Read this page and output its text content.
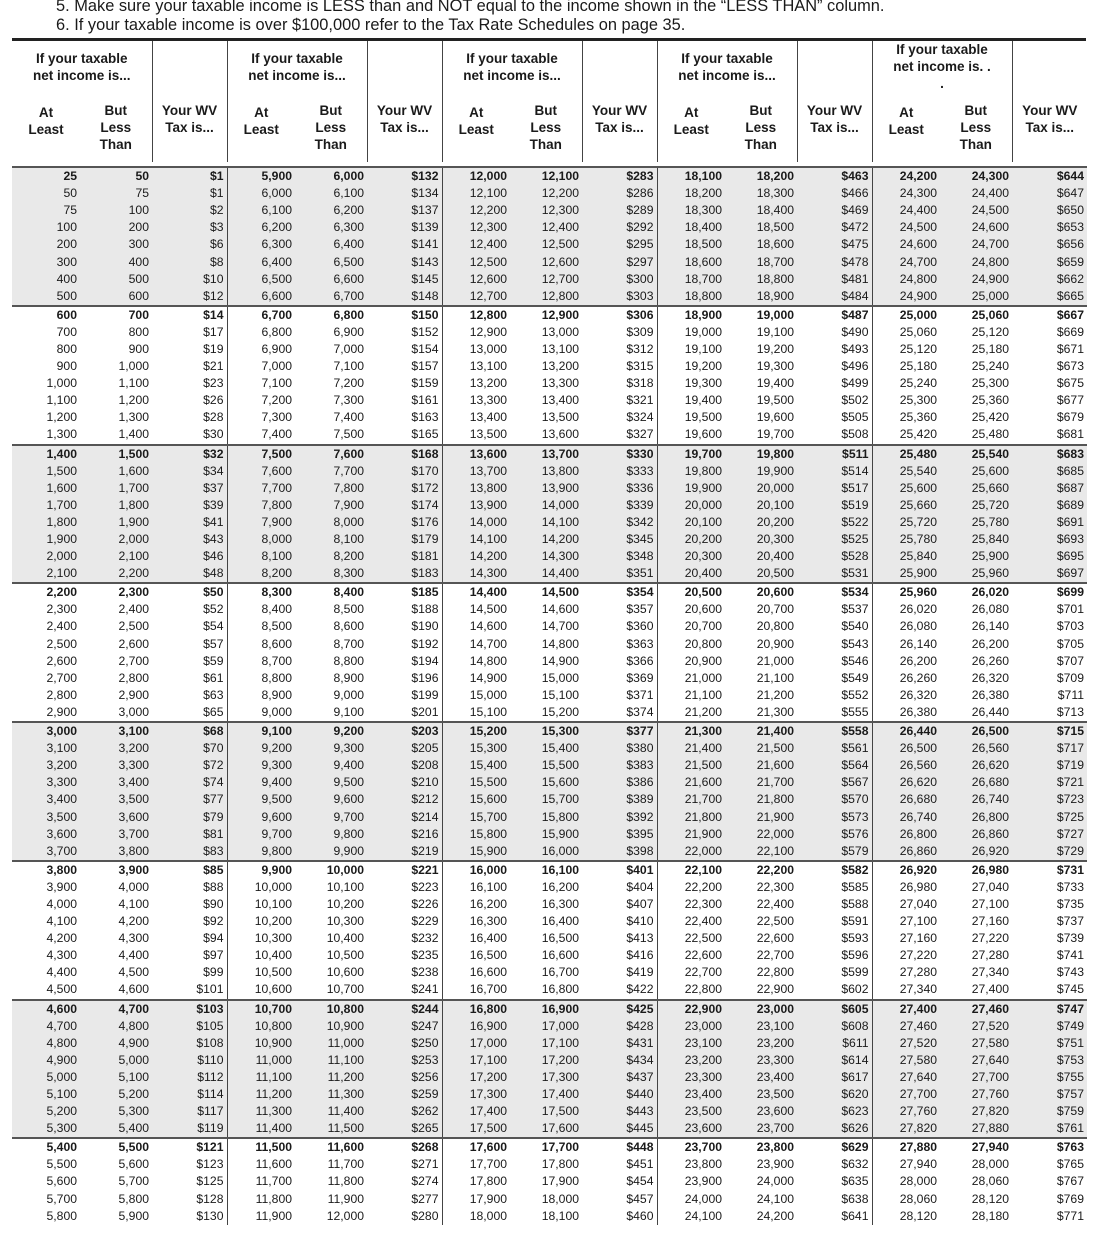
5. Make sure your taxable income is LESS than and NOT equal to the income shown in the “LESS THAN” column.
6. If your taxable income is over $100,000 refer to the Tax Rate Schedules on page 35.
If your taxable net income is...		Your WV Tax is...	If your taxable net income is...		Your WV Tax is...	If your taxable net income is...		Your WV Tax is...	If your taxable net income is...		Your WV Tax is...	If your taxable net income is. . .		Your WV Tax is...
At Least	But Less Than		At Least	But Less Than		At Least	But Less Than		At Least	But Less Than		At Least	But Less Than	

25	50	$1	5,900	6,000	$132	12,000	12,100	$283	18,100	18,200	$463	24,200	24,300	$644
50	75	$1	6,000	6,100	$134	12,100	12,200	$286	18,200	18,300	$466	24,300	24,400	$647
75	100	$2	6,100	6,200	$137	12,200	12,300	$289	18,300	18,400	$469	24,400	24,500	$650
100	200	$3	6,200	6,300	$139	12,300	12,400	$292	18,400	18,500	$472	24,500	24,600	$653
200	300	$6	6,300	6,400	$141	12,400	12,500	$295	18,500	18,600	$475	24,600	24,700	$656
300	400	$8	6,400	6,500	$143	12,500	12,600	$297	18,600	18,700	$478	24,700	24,800	$659
400	500	$10	6,500	6,600	$145	12,600	12,700	$300	18,700	18,800	$481	24,800	24,900	$662
500	600	$12	6,600	6,700	$148	12,700	12,800	$303	18,800	18,900	$484	24,900	25,000	$665
600	700	$14	6,700	6,800	$150	12,800	12,900	$306	18,900	19,000	$487	25,000	25,060	$667
700	800	$17	6,800	6,900	$152	12,900	13,000	$309	19,000	19,100	$490	25,060	25,120	$669
800	900	$19	6,900	7,000	$154	13,000	13,100	$312	19,100	19,200	$493	25,120	25,180	$671
900	1,000	$21	7,000	7,100	$157	13,100	13,200	$315	19,200	19,300	$496	25,180	25,240	$673
1,000	1,100	$23	7,100	7,200	$159	13,200	13,300	$318	19,300	19,400	$499	25,240	25,300	$675
1,100	1,200	$26	7,200	7,300	$161	13,300	13,400	$321	19,400	19,500	$502	25,300	25,360	$677
1,200	1,300	$28	7,300	7,400	$163	13,400	13,500	$324	19,500	19,600	$505	25,360	25,420	$679
1,300	1,400	$30	7,400	7,500	$165	13,500	13,600	$327	19,600	19,700	$508	25,420	25,480	$681
1,400	1,500	$32	7,500	7,600	$168	13,600	13,700	$330	19,700	19,800	$511	25,480	25,540	$683
1,500	1,600	$34	7,600	7,700	$170	13,700	13,800	$333	19,800	19,900	$514	25,540	25,600	$685
1,600	1,700	$37	7,700	7,800	$172	13,800	13,900	$336	19,900	20,000	$517	25,600	25,660	$687
1,700	1,800	$39	7,800	7,900	$174	13,900	14,000	$339	20,000	20,100	$519	25,660	25,720	$689
1,800	1,900	$41	7,900	8,000	$176	14,000	14,100	$342	20,100	20,200	$522	25,720	25,780	$691
1,900	2,000	$43	8,000	8,100	$179	14,100	14,200	$345	20,200	20,300	$525	25,780	25,840	$693
2,000	2,100	$46	8,100	8,200	$181	14,200	14,300	$348	20,300	20,400	$528	25,840	25,900	$695
2,100	2,200	$48	8,200	8,300	$183	14,300	14,400	$351	20,400	20,500	$531	25,900	25,960	$697
2,200	2,300	$50	8,300	8,400	$185	14,400	14,500	$354	20,500	20,600	$534	25,960	26,020	$699
2,300	2,400	$52	8,400	8,500	$188	14,500	14,600	$357	20,600	20,700	$537	26,020	26,080	$701
2,400	2,500	$54	8,500	8,600	$190	14,600	14,700	$360	20,700	20,800	$540	26,080	26,140	$703
2,500	2,600	$57	8,600	8,700	$192	14,700	14,800	$363	20,800	20,900	$543	26,140	26,200	$705
2,600	2,700	$59	8,700	8,800	$194	14,800	14,900	$366	20,900	21,000	$546	26,200	26,260	$707
2,700	2,800	$61	8,800	8,900	$196	14,900	15,000	$369	21,000	21,100	$549	26,260	26,320	$709
2,800	2,900	$63	8,900	9,000	$199	15,000	15,100	$371	21,100	21,200	$552	26,320	26,380	$711
2,900	3,000	$65	9,000	9,100	$201	15,100	15,200	$374	21,200	21,300	$555	26,380	26,440	$713
3,000	3,100	$68	9,100	9,200	$203	15,200	15,300	$377	21,300	21,400	$558	26,440	26,500	$715
3,100	3,200	$70	9,200	9,300	$205	15,300	15,400	$380	21,400	21,500	$561	26,500	26,560	$717
3,200	3,300	$72	9,300	9,400	$208	15,400	15,500	$383	21,500	21,600	$564	26,560	26,620	$719
3,300	3,400	$74	9,400	9,500	$210	15,500	15,600	$386	21,600	21,700	$567	26,620	26,680	$721
3,400	3,500	$77	9,500	9,600	$212	15,600	15,700	$389	21,700	21,800	$570	26,680	26,740	$723
3,500	3,600	$79	9,600	9,700	$214	15,700	15,800	$392	21,800	21,900	$573	26,740	26,800	$725
3,600	3,700	$81	9,700	9,800	$216	15,800	15,900	$395	21,900	22,000	$576	26,800	26,860	$727
3,700	3,800	$83	9,800	9,900	$219	15,900	16,000	$398	22,000	22,100	$579	26,860	26,920	$729
3,800	3,900	$85	9,900	10,000	$221	16,000	16,100	$401	22,100	22,200	$582	26,920	26,980	$731
3,900	4,000	$88	10,000	10,100	$223	16,100	16,200	$404	22,200	22,300	$585	26,980	27,040	$733
4,000	4,100	$90	10,100	10,200	$226	16,200	16,300	$407	22,300	22,400	$588	27,040	27,100	$735
4,100	4,200	$92	10,200	10,300	$229	16,300	16,400	$410	22,400	22,500	$591	27,100	27,160	$737
4,200	4,300	$94	10,300	10,400	$232	16,400	16,500	$413	22,500	22,600	$593	27,160	27,220	$739
4,300	4,400	$97	10,400	10,500	$235	16,500	16,600	$416	22,600	22,700	$596	27,220	27,280	$741
4,400	4,500	$99	10,500	10,600	$238	16,600	16,700	$419	22,700	22,800	$599	27,280	27,340	$743
4,500	4,600	$101	10,600	10,700	$241	16,700	16,800	$422	22,800	22,900	$602	27,340	27,400	$745
4,600	4,700	$103	10,700	10,800	$244	16,800	16,900	$425	22,900	23,000	$605	27,400	27,460	$747
4,700	4,800	$105	10,800	10,900	$247	16,900	17,000	$428	23,000	23,100	$608	27,460	27,520	$749
4,800	4,900	$108	10,900	11,000	$250	17,000	17,100	$431	23,100	23,200	$611	27,520	27,580	$751
4,900	5,000	$110	11,000	11,100	$253	17,100	17,200	$434	23,200	23,300	$614	27,580	27,640	$753
5,000	5,100	$112	11,100	11,200	$256	17,200	17,300	$437	23,300	23,400	$617	27,640	27,700	$755
5,100	5,200	$114	11,200	11,300	$259	17,300	17,400	$440	23,400	23,500	$620	27,700	27,760	$757
5,200	5,300	$117	11,300	11,400	$262	17,400	17,500	$443	23,500	23,600	$623	27,760	27,820	$759
5,300	5,400	$119	11,400	11,500	$265	17,500	17,600	$445	23,600	23,700	$626	27,820	27,880	$761
5,400	5,500	$121	11,500	11,600	$268	17,600	17,700	$448	23,700	23,800	$629	27,880	27,940	$763
5,500	5,600	$123	11,600	11,700	$271	17,700	17,800	$451	23,800	23,900	$632	27,940	28,000	$765
5,600	5,700	$125	11,700	11,800	$274	17,800	17,900	$454	23,900	24,000	$635	28,000	28,060	$767
5,700	5,800	$128	11,800	11,900	$277	17,900	18,000	$457	24,000	24,100	$638	28,060	28,120	$769
5,800	5,900	$130	11,900	12,000	$280	18,000	18,100	$460	24,100	24,200	$641	28,120	28,180	$771
